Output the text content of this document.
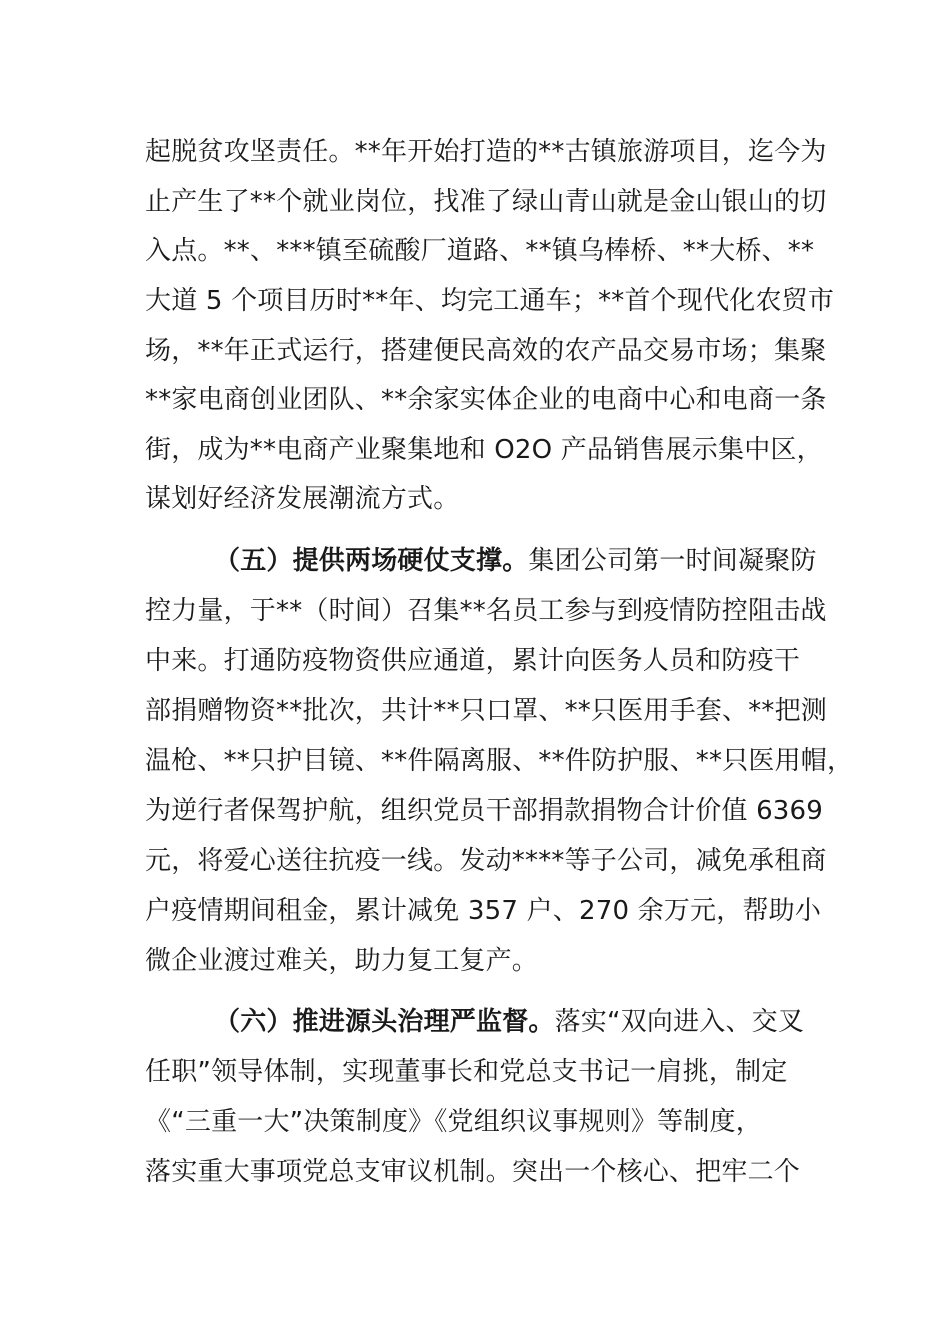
起脱贫攻坚责任。**年开始打造的**古镇旅游项目，迄今为
止产生了**个就业岗位，找准了绿山青山就是金山银山的切
入点。**、***镇至硫酸厂道路、**镇乌棒桥、**大桥、**
大道 5 个项目历时**年、均完工通车；**首个现代化农贸市
场，**年正式运行，搭建便民高效的农产品交易市场；集聚
**家电商创业团队、**余家实体企业的电商中心和电商一条
街，成为**电商产业聚集地和 O2O 产品销售展示集中区，
谋划好经济发展潮流方式。
（五）提供两场硬仗支撑。集团公司第一时间凝聚防
控力量，于**（时间）召集**名员工参与到疫情防控阻击战
中来。打通防疫物资供应通道，累计向医务人员和防疫干
部捐赠物资**批次，共计**只口罩、**只医用手套、**把测
温枪、**只护目镜、**件隔离服、**件防护服、**只医用帽，
为逆行者保驾护航，组织党员干部捐款捐物合计价值 6369
元，将爱心送往抗疫一线。发动****等子公司，减免承租商
户疫情期间租金，累计减免 357 户、270 余万元，帮助小
微企业渡过难关，助力复工复产。
（六）推进源头治理严监督。落实“双向进入、交叉
任职”领导体制，实现董事长和党总支书记一肩挑，制定
《“三重一大”决策制度》《党组织议事规则》等制度，
落实重大事项党总支审议机制。突出一个核心、把牢二个
